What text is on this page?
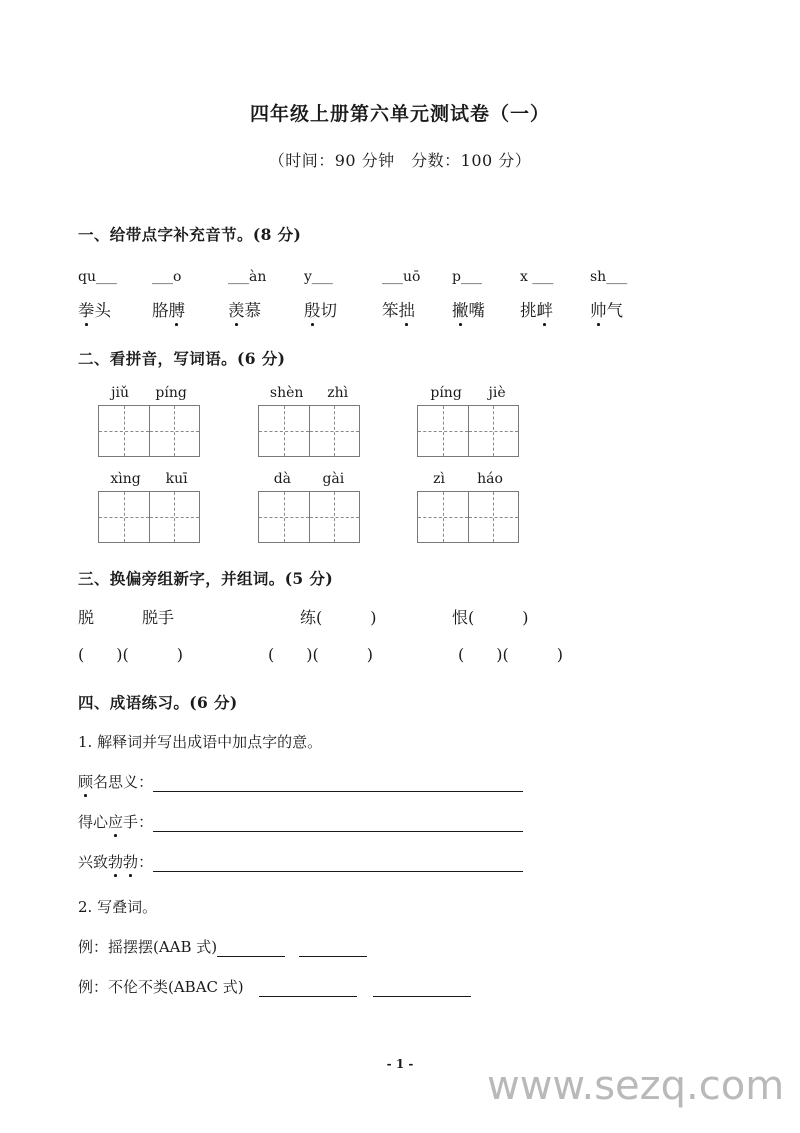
四年级上册第六单元测试卷（一）
（时间：90 分钟　分数：100 分）
一、给带点字补充音节。(8 分)
qu___	___o	___àn	y___	___uō	p___	x ___	sh___
拳头	胳膊	羡慕	殷切	笨拙	撇嘴	挑衅	帅气
二、看拼音，写词语。(6 分)
jiǔ píng	shèn zhì	píng jiè
xìng kuī	dà gài	zì háo
三、换偏旁组新字，并组词。(5 分)
脱	脱手	练(　　　)	恨(　　　)
(　　)(　　　)	(　　)(　　　)	(　　)(　　　)
四、成语练习。(6 分)
1. 解释词并写出成语中加点字的意。
顾名思义：
得心应手：
兴致勃勃：
2. 写叠词。
例：摇摆摆(AAB 式)
例：不伦不类(ABAC 式)　
- 1 -	www.sezq.com
